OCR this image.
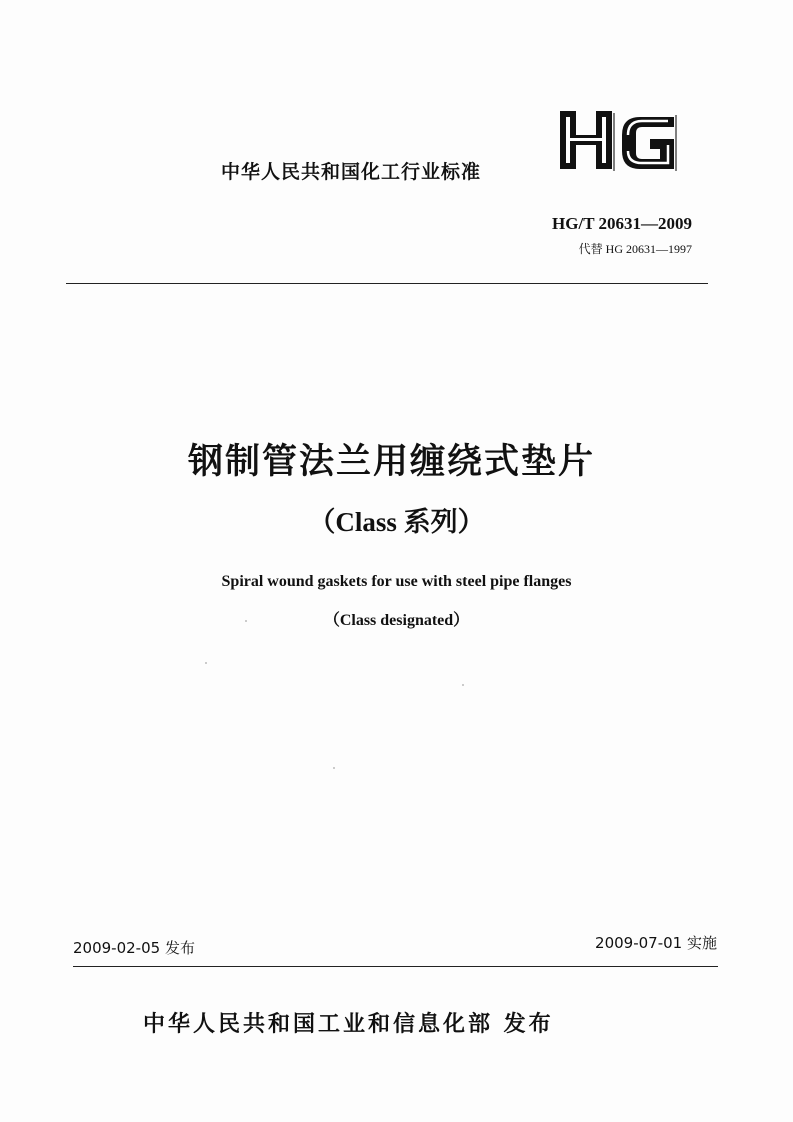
中华人民共和国化工行业标准
HG/T 20631—2009
代替 HG 20631—1997
钢制管法兰用缠绕式垫片
（Class 系列）
Spiral wound gaskets for use with steel pipe flanges
（Class designated）
2009-02-05 发布	2009-07-01 实施
中华人民共和国工业和信息化部 发布
